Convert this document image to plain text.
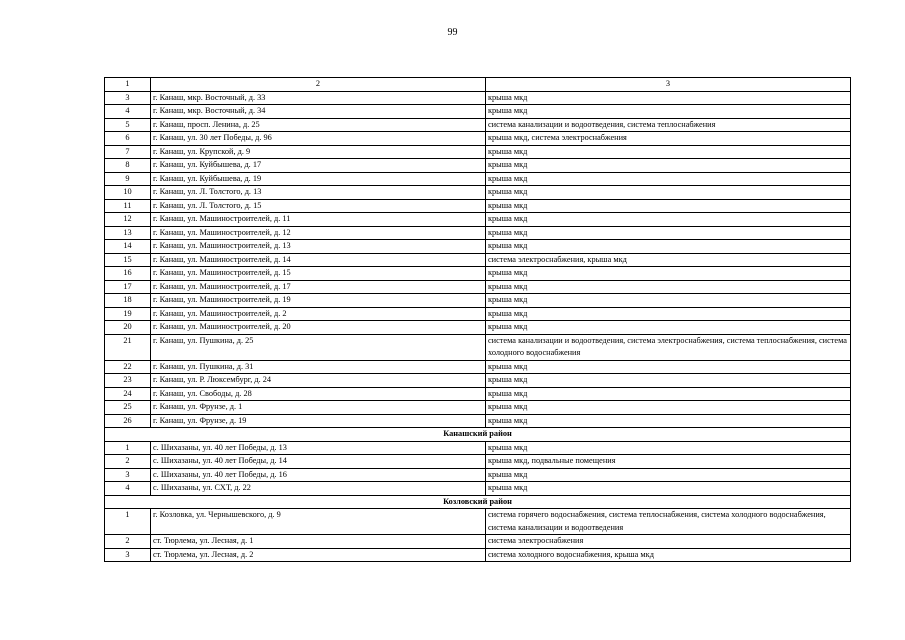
99
1	2	3
3	г. Канаш, мкр. Восточный, д. 33	крыша мкд
4	г. Канаш, мкр. Восточный, д. 34	крыша мкд
5	г. Канаш, просп. Ленина, д. 25	система канализации и водоотведения, система теплоснабжения
6	г. Канаш, ул. 30 лет Победы, д. 96	крыша мкд, система электроснабжения
7	г. Канаш, ул. Крупской, д. 9	крыша мкд
8	г. Канаш, ул. Куйбышева, д. 17	крыша мкд
9	г. Канаш, ул. Куйбышева, д. 19	крыша мкд
10	г. Канаш, ул. Л. Толстого, д. 13	крыша мкд
11	г. Канаш, ул. Л. Толстого, д. 15	крыша мкд
12	г. Канаш, ул. Машиностроителей, д. 11	крыша мкд
13	г. Канаш, ул. Машиностроителей, д. 12	крыша мкд
14	г. Канаш, ул. Машиностроителей, д. 13	крыша мкд
15	г. Канаш, ул. Машиностроителей, д. 14	система электроснабжения, крыша мкд
16	г. Канаш, ул. Машиностроителей, д. 15	крыша мкд
17	г. Канаш, ул. Машиностроителей, д. 17	крыша мкд
18	г. Канаш, ул. Машиностроителей, д. 19	крыша мкд
19	г. Канаш, ул. Машиностроителей, д. 2	крыша мкд
20	г. Канаш, ул. Машиностроителей, д. 20	крыша мкд
21	г. Канаш, ул. Пушкина, д. 25	система канализации и водоотведения, система электроснабжения, система теплоснабжения, система холодного водоснабжения
22	г. Канаш, ул. Пушкина, д. 31	крыша мкд
23	г. Канаш, ул. Р. Люксембург, д. 24	крыша мкд
24	г. Канаш, ул. Свободы, д. 28	крыша мкд
25	г. Канаш, ул. Фрунзе, д. 1	крыша мкд
26	г. Канаш, ул. Фрунзе, д. 19	крыша мкд
Канашский район		
1	с. Шихазаны, ул. 40 лет Победы, д. 13	крыша мкд
2	с. Шихазаны, ул. 40 лет Победы, д. 14	крыша мкд, подвальные помещения
3	с. Шихазаны, ул. 40 лет Победы, д. 16	крыша мкд
4	с. Шихазаны, ул. СХТ, д. 22	крыша мкд
Козловский район		
1	г. Козловка, ул. Чернышевского, д. 9	система горячего водоснабжения, система теплоснабжения, система холодного водоснабжения, система канализации и водоотведения
2	ст. Тюрлема, ул. Лесная, д. 1	система электроснабжения
3	ст. Тюрлема, ул. Лесная, д. 2	система холодного водоснабжения, крыша мкд
